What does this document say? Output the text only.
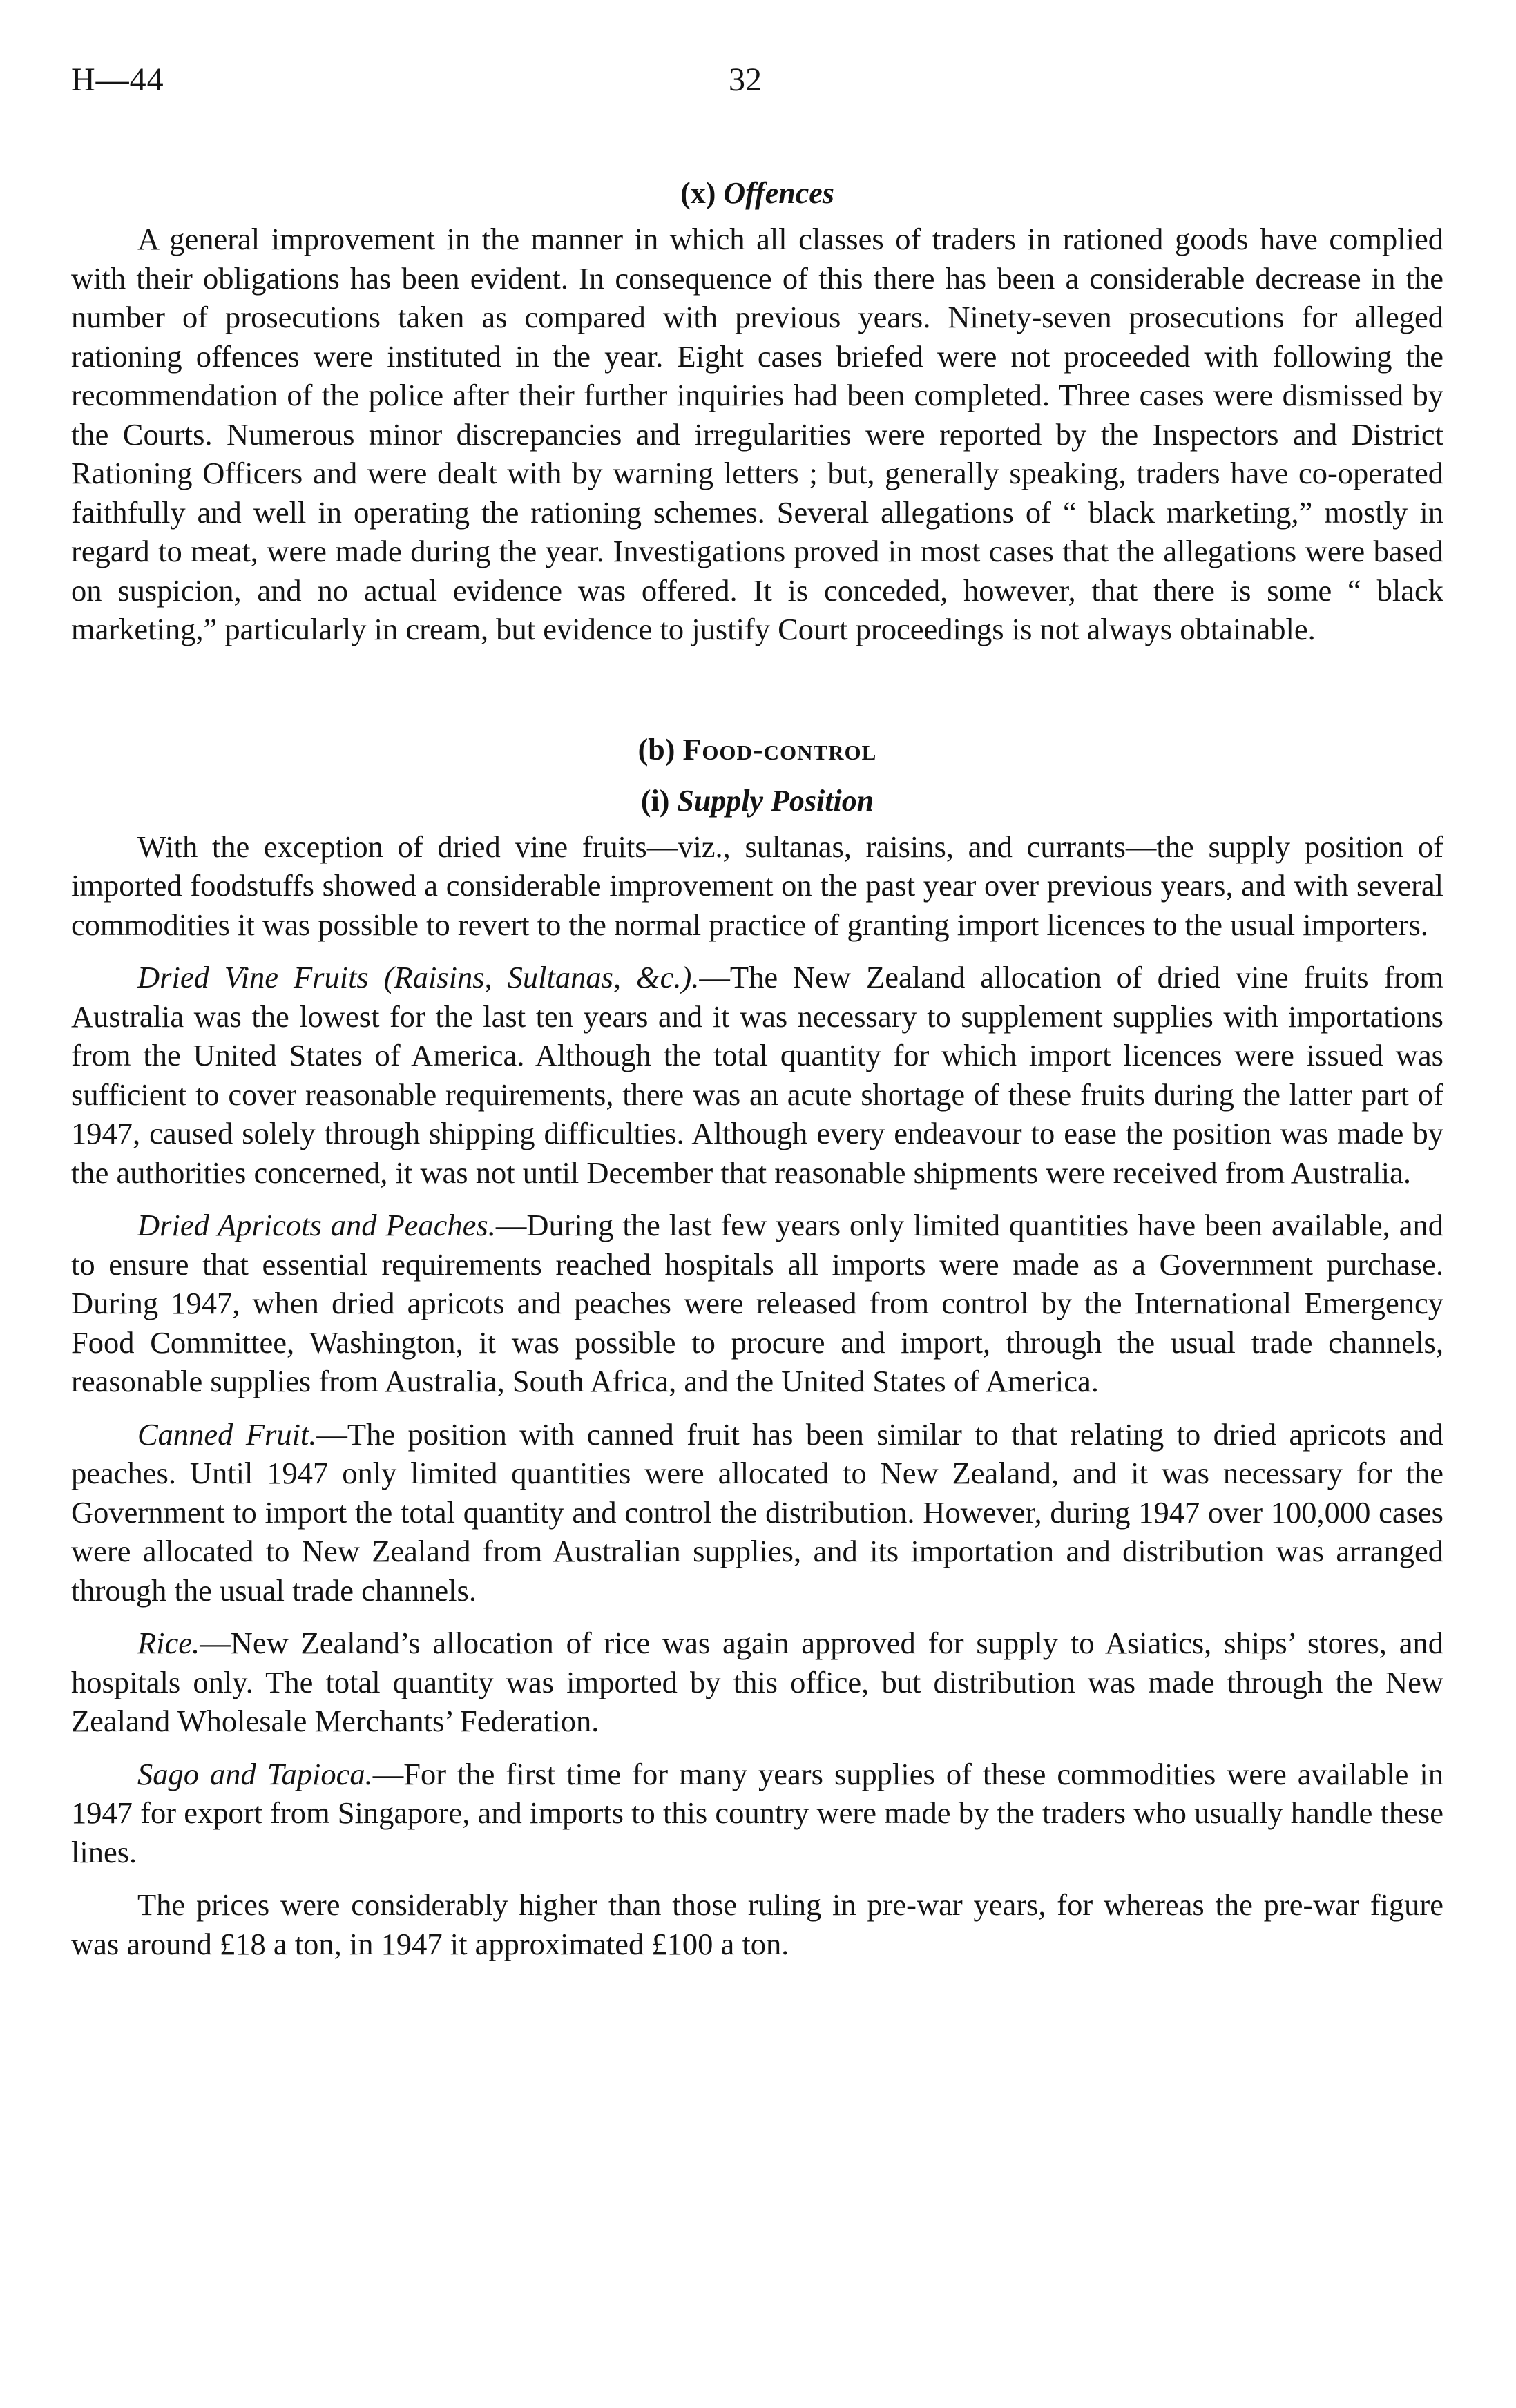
H—44	32
(x) Offences

A general improvement in the manner in which all classes of traders in rationed goods have complied with their obligations has been evident. In consequence of this there has been a considerable decrease in the number of prosecutions taken as compared with previous years. Ninety-seven prosecutions for alleged rationing offences were instituted in the year. Eight cases briefed were not proceeded with following the recommendation of the police after their further inquiries had been completed. Three cases were dismissed by the Courts. Numerous minor discrepancies and irregularities were reported by the Inspectors and District Rationing Officers and were dealt with by warning letters ; but, generally speaking, traders have co-operated faithfully and well in operating the rationing schemes. Several allegations of “ black marketing,” mostly in regard to meat, were made during the year. Investigations proved in most cases that the allegations were based on suspicion, and no actual evidence was offered. It is conceded, however, that there is some “ black marketing,” particularly in cream, but evidence to justify Court proceedings is not always obtainable.

(b) Food-control
(i) Supply Position

With the exception of dried vine fruits—viz., sultanas, raisins, and currants—the supply position of imported foodstuffs showed a considerable improvement on the past year over previous years, and with several commodities it was possible to revert to the normal practice of granting import licences to the usual importers.

Dried Vine Fruits (Raisins, Sultanas, &c.).—The New Zealand allocation of dried vine fruits from Australia was the lowest for the last ten years and it was necessary to supplement supplies with importations from the United States of America. Although the total quantity for which import licences were issued was sufficient to cover reasonable requirements, there was an acute shortage of these fruits during the latter part of 1947, caused solely through shipping difficulties. Although every endeavour to ease the position was made by the authorities concerned, it was not until December that reasonable shipments were received from Australia.

Dried Apricots and Peaches.—During the last few years only limited quantities have been available, and to ensure that essential requirements reached hospitals all imports were made as a Government purchase. During 1947, when dried apricots and peaches were released from control by the International Emergency Food Committee, Washington, it was possible to procure and import, through the usual trade channels, reasonable supplies from Australia, South Africa, and the United States of America.

Canned Fruit.—The position with canned fruit has been similar to that relating to dried apricots and peaches. Until 1947 only limited quantities were allocated to New Zealand, and it was necessary for the Government to import the total quantity and control the distribution. However, during 1947 over 100,000 cases were allocated to New Zealand from Australian supplies, and its importation and distribution was arranged through the usual trade channels.

Rice.—New Zealand’s allocation of rice was again approved for supply to Asiatics, ships’ stores, and hospitals only. The total quantity was imported by this office, but distribution was made through the New Zealand Wholesale Merchants’ Federation.

Sago and Tapioca.—For the first time for many years supplies of these commodities were available in 1947 for export from Singapore, and imports to this country were made by the traders who usually handle these lines.

The prices were considerably higher than those ruling in pre-war years, for whereas the pre-war figure was around £18 a ton, in 1947 it approximated £100 a ton.
